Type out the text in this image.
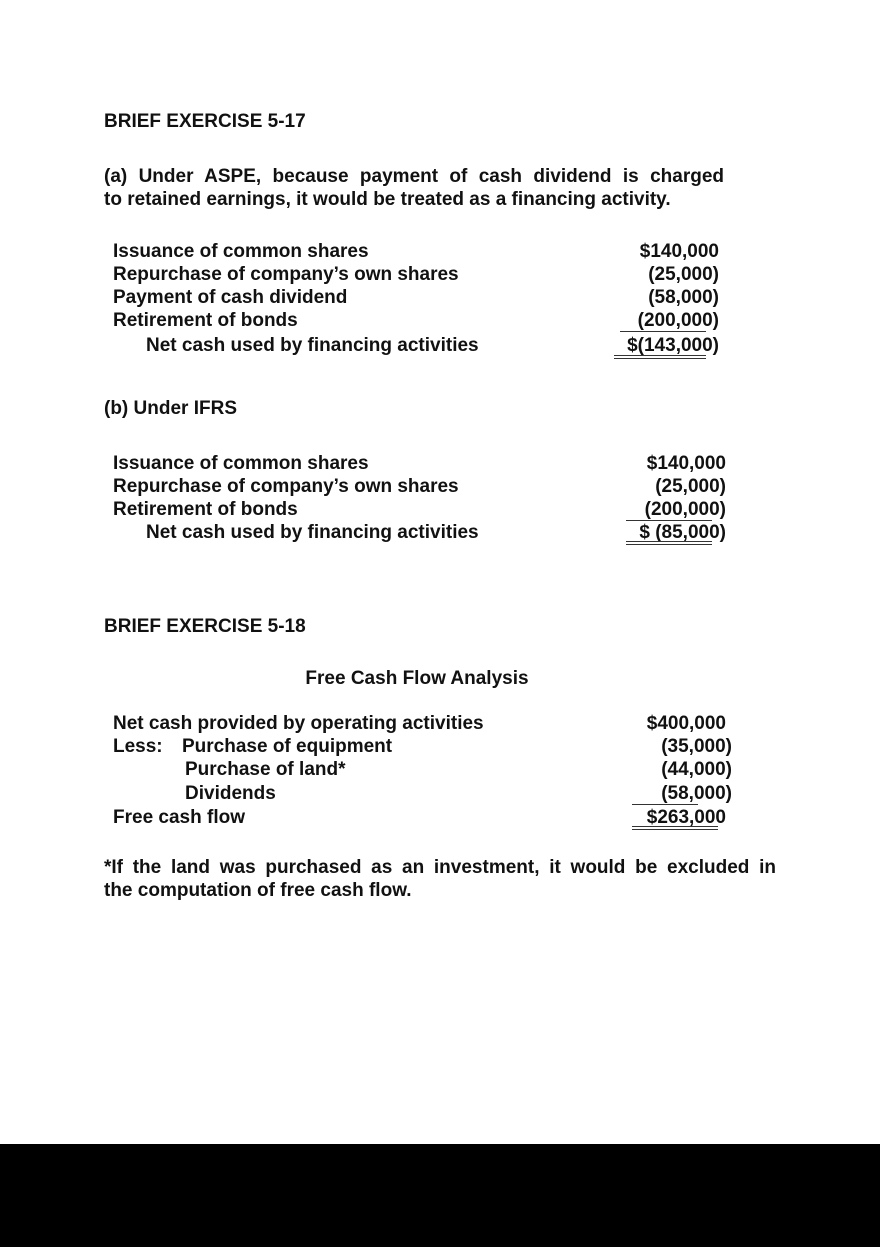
BRIEF EXERCISE 5-17
(a) Under ASPE, because payment of cash dividend is charged
to retained earnings, it would be treated as a financing activity.
Issuance of common shares	$140,000
Repurchase of company’s own shares	(25,000)
Payment of cash dividend	(58,000)
Retirement of bonds	(200,000)
Net cash used by financing activities	$(143,000)
(b) Under IFRS
Issuance of common shares	$140,000
Repurchase of company’s own shares	(25,000)
Retirement of bonds	(200,000)
Net cash used by financing activities	$ (85,000)
BRIEF EXERCISE 5-18
Free Cash Flow Analysis
Net cash provided by operating activities	$400,000
Less: Purchase of equipment	(35,000)
Purchase of land*	(44,000)
Dividends	(58,000)
Free cash flow	$263,000
*If the land was purchased as an investment, it would be excluded in
the computation of free cash flow.
